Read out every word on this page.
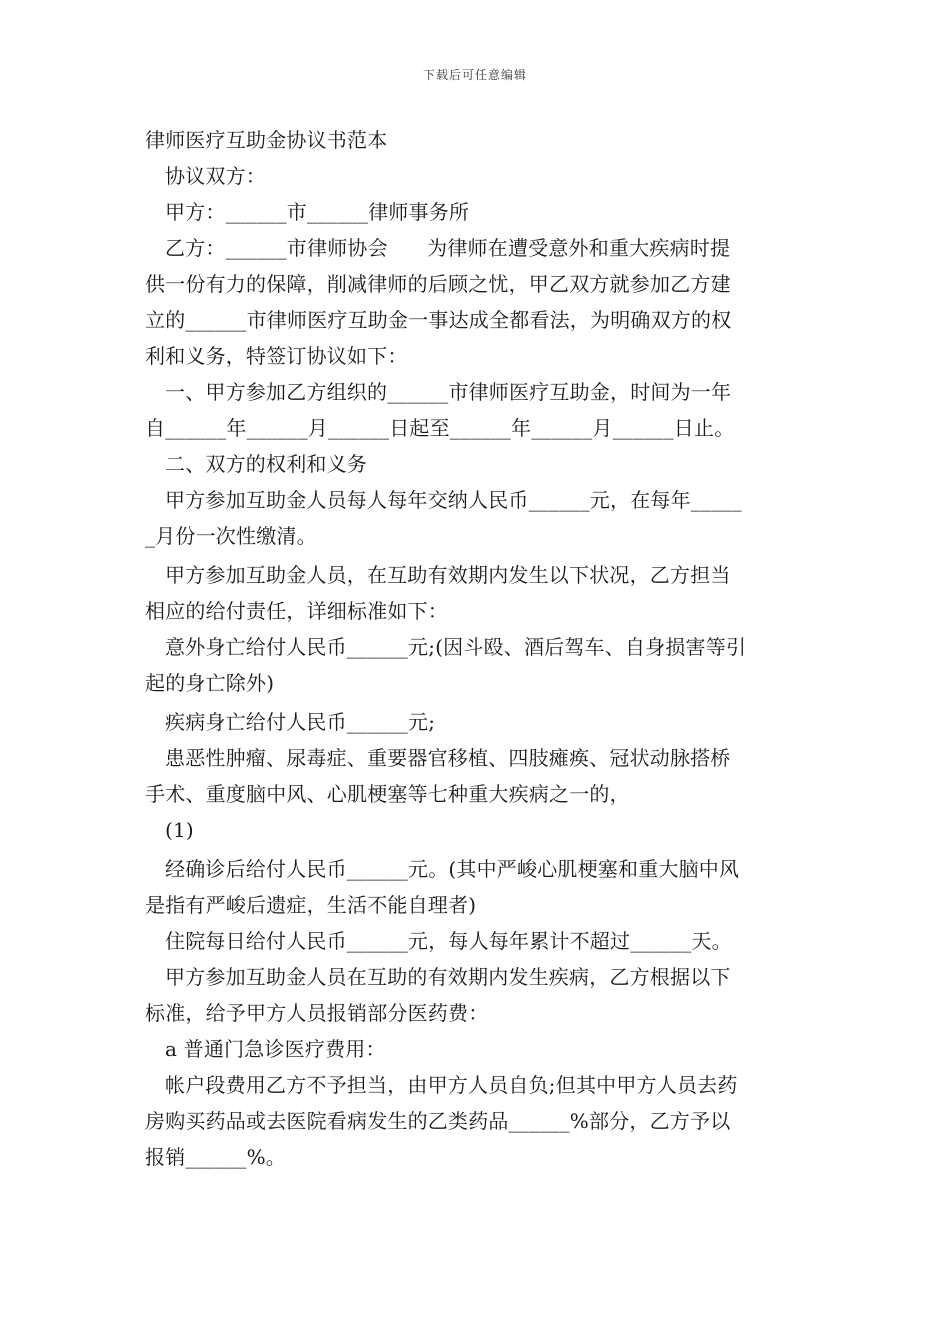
下载后可任意编辑
律师医疗互助金协议书范本
协议双方：
甲方：______市______律师事务所
乙方：______市律师协会      为律师在遭受意外和重大疾病时提
供一份有力的保障，削减律师的后顾之忧，甲乙双方就参加乙方建
立的______市律师医疗互助金一事达成全都看法，为明确双方的权
利和义务，特签订协议如下：
一、甲方参加乙方组织的______市律师医疗互助金，时间为一年
自______年______月______日起至______年______月______日止。
二、双方的权利和义务
甲方参加互助金人员每人每年交纳人民币______元，在每年_____
_月份一次性缴清。
甲方参加互助金人员，在互助有效期内发生以下状况，乙方担当
相应的给付责任，详细标准如下：
意外身亡给付人民币______元;(因斗殴、酒后驾车、自身损害等引
起的身亡除外)
疾病身亡给付人民币______元;
患恶性肿瘤、尿毒症、重要器官移植、四肢瘫痪、冠状动脉搭桥
手术、重度脑中风、心肌梗塞等七种重大疾病之一的，
(1)
经确诊后给付人民币______元。(其中严峻心肌梗塞和重大脑中风
是指有严峻后遗症，生活不能自理者)
住院每日给付人民币______元，每人每年累计不超过______天。
甲方参加互助金人员在互助的有效期内发生疾病，乙方根据以下
标准，给予甲方人员报销部分医药费：
a 普通门急诊医疗费用：
帐户段费用乙方不予担当，由甲方人员自负;但其中甲方人员去药
房购买药品或去医院看病发生的乙类药品______%部分，乙方予以
报销______%。
